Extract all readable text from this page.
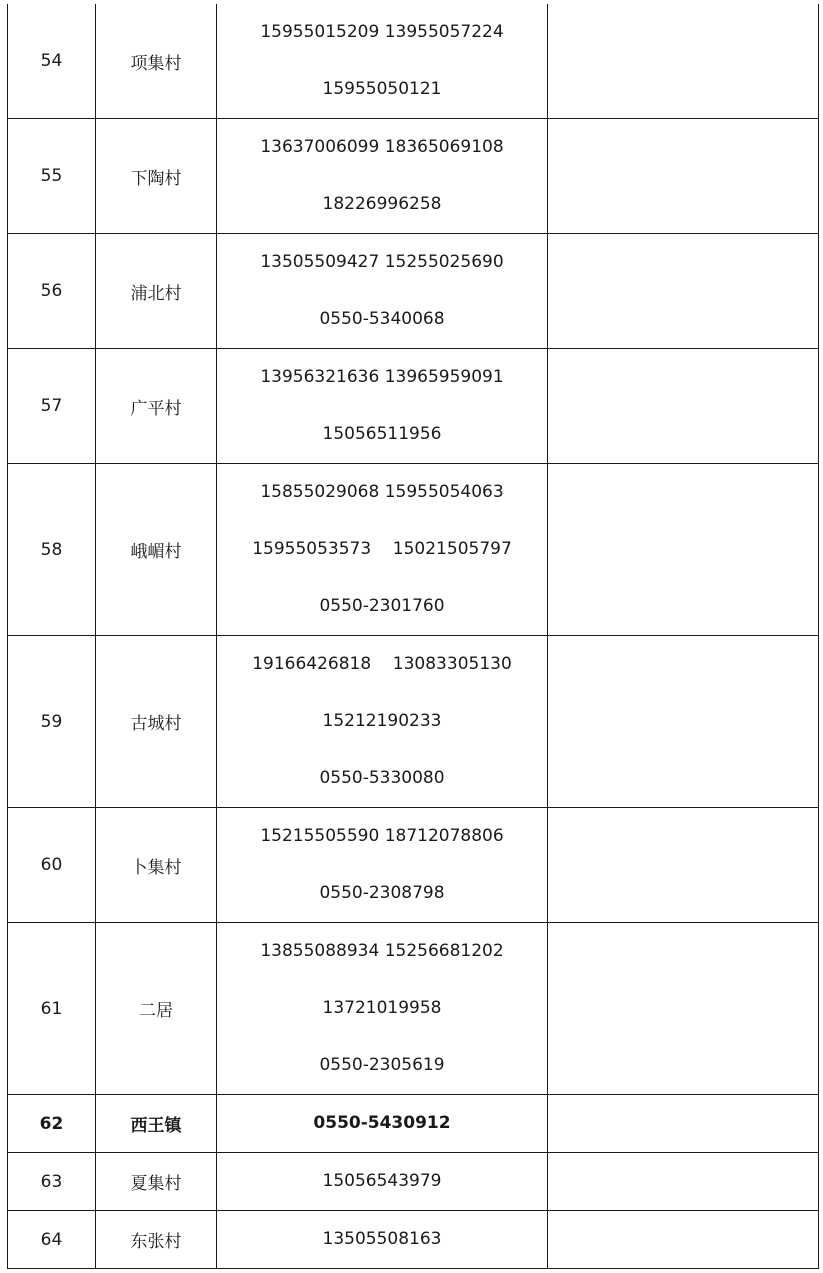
54	项集村	15955015209 13955057224
15955050121	

55	下陶村	13637006099 18365069108
18226996258	

56	浦北村	13505509427 15255025690
0550-5340068	

57	广平村	13956321636 13965959091
15056511956	

58	峨嵋村	15855029068 15955054063
15955053573    15021505797
0550-2301760	

59	古城村	19166426818    13083305130
15212190233
0550-5330080	

60	卜集村	15215505590 18712078806
0550-2308798	

61	二居	13855088934 15256681202
13721019958
0550-2305619	

62	西王镇	0550-5430912	

63	夏集村	15056543979	

64	东张村	13505508163	
